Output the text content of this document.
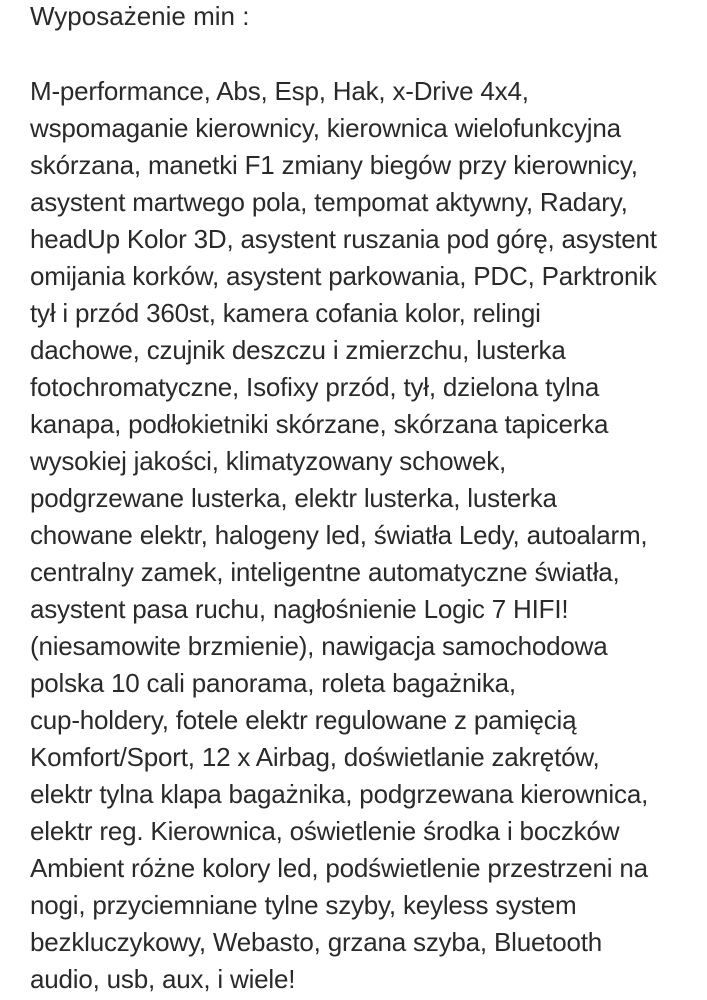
Wyposażenie min :
M-performance, Abs, Esp, Hak, x-Drive 4x4,
wspomaganie kierownicy, kierownica wielofunkcyjna
skórzana, manetki F1 zmiany biegów przy kierownicy,
asystent martwego pola, tempomat aktywny, Radary,
headUp Kolor 3D, asystent ruszania pod górę, asystent
omijania korków, asystent parkowania, PDC, Parktronik
tył i przód 360st, kamera cofania kolor, relingi
dachowe, czujnik deszczu i zmierzchu, lusterka
fotochromatyczne, Isofixy przód, tył, dzielona tylna
kanapa, podłokietniki skórzane, skórzana tapicerka
wysokiej jakości, klimatyzowany schowek,
podgrzewane lusterka, elektr lusterka, lusterka
chowane elektr, halogeny led, światła Ledy, autoalarm,
centralny zamek, inteligentne automatyczne światła,
asystent pasa ruchu, nagłośnienie Logic 7 HIFI!
(niesamowite brzmienie), nawigacja samochodowa
polska 10 cali panorama, roleta bagażnika,
cup-holdery, fotele elektr regulowane z pamięcią
Komfort/Sport, 12 x Airbag, doświetlanie zakrętów,
elektr tylna klapa bagażnika, podgrzewana kierownica,
elektr reg. Kierownica, oświetlenie środka i boczków
Ambient różne kolory led, podświetlenie przestrzeni na
nogi, przyciemniane tylne szyby, keyless system
bezkluczykowy, Webasto, grzana szyba, Bluetooth
audio, usb, aux, i wiele!
